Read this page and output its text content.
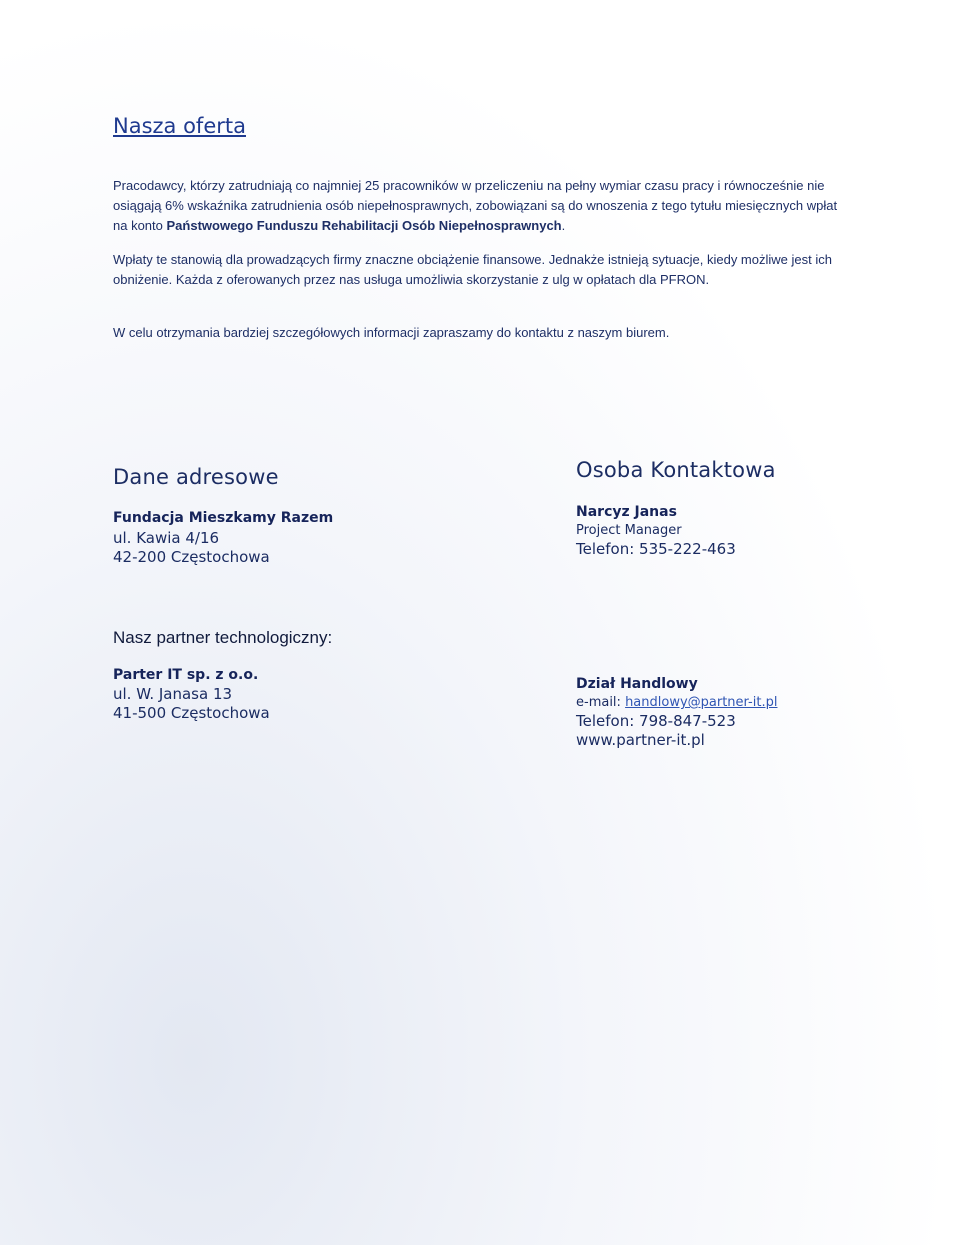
Nasza oferta

Pracodawcy, którzy zatrudniają co najmniej 25 pracowników w przeliczeniu na pełny wymiar czasu pracy i równocześnie nie osiągają 6% wskaźnika zatrudnienia osób niepełnosprawnych, zobowiązani są do wnoszenia z tego tytułu miesięcznych wpłat na konto Państwowego Funduszu Rehabilitacji Osób Niepełnosprawnych.

Wpłaty te stanowią dla prowadzących firmy znaczne obciążenie finansowe. Jednakże istnieją sytuacje, kiedy możliwe jest ich obniżenie. Każda z oferowanych przez nas usługa umożliwia skorzystanie z ulg w opłatach dla PFRON.

W celu otrzymania bardziej szczegółowych informacji zapraszamy do kontaktu z naszym biurem.

Dane adresowe
Fundacja Mieszkamy Razem
ul. Kawia 4/16
42-200 Częstochowa
Osoba Kontaktowa
Narcyz Janas
Project Manager
Telefon: 535-222-463
Nasz partner technologiczny:
Parter IT sp. z o.o.
ul. W. Janasa 13
41-500 Częstochowa
Dział Handlowy
e-mail: handlowy@partner-it.pl
Telefon: 798-847-523
www.partner-it.pl
